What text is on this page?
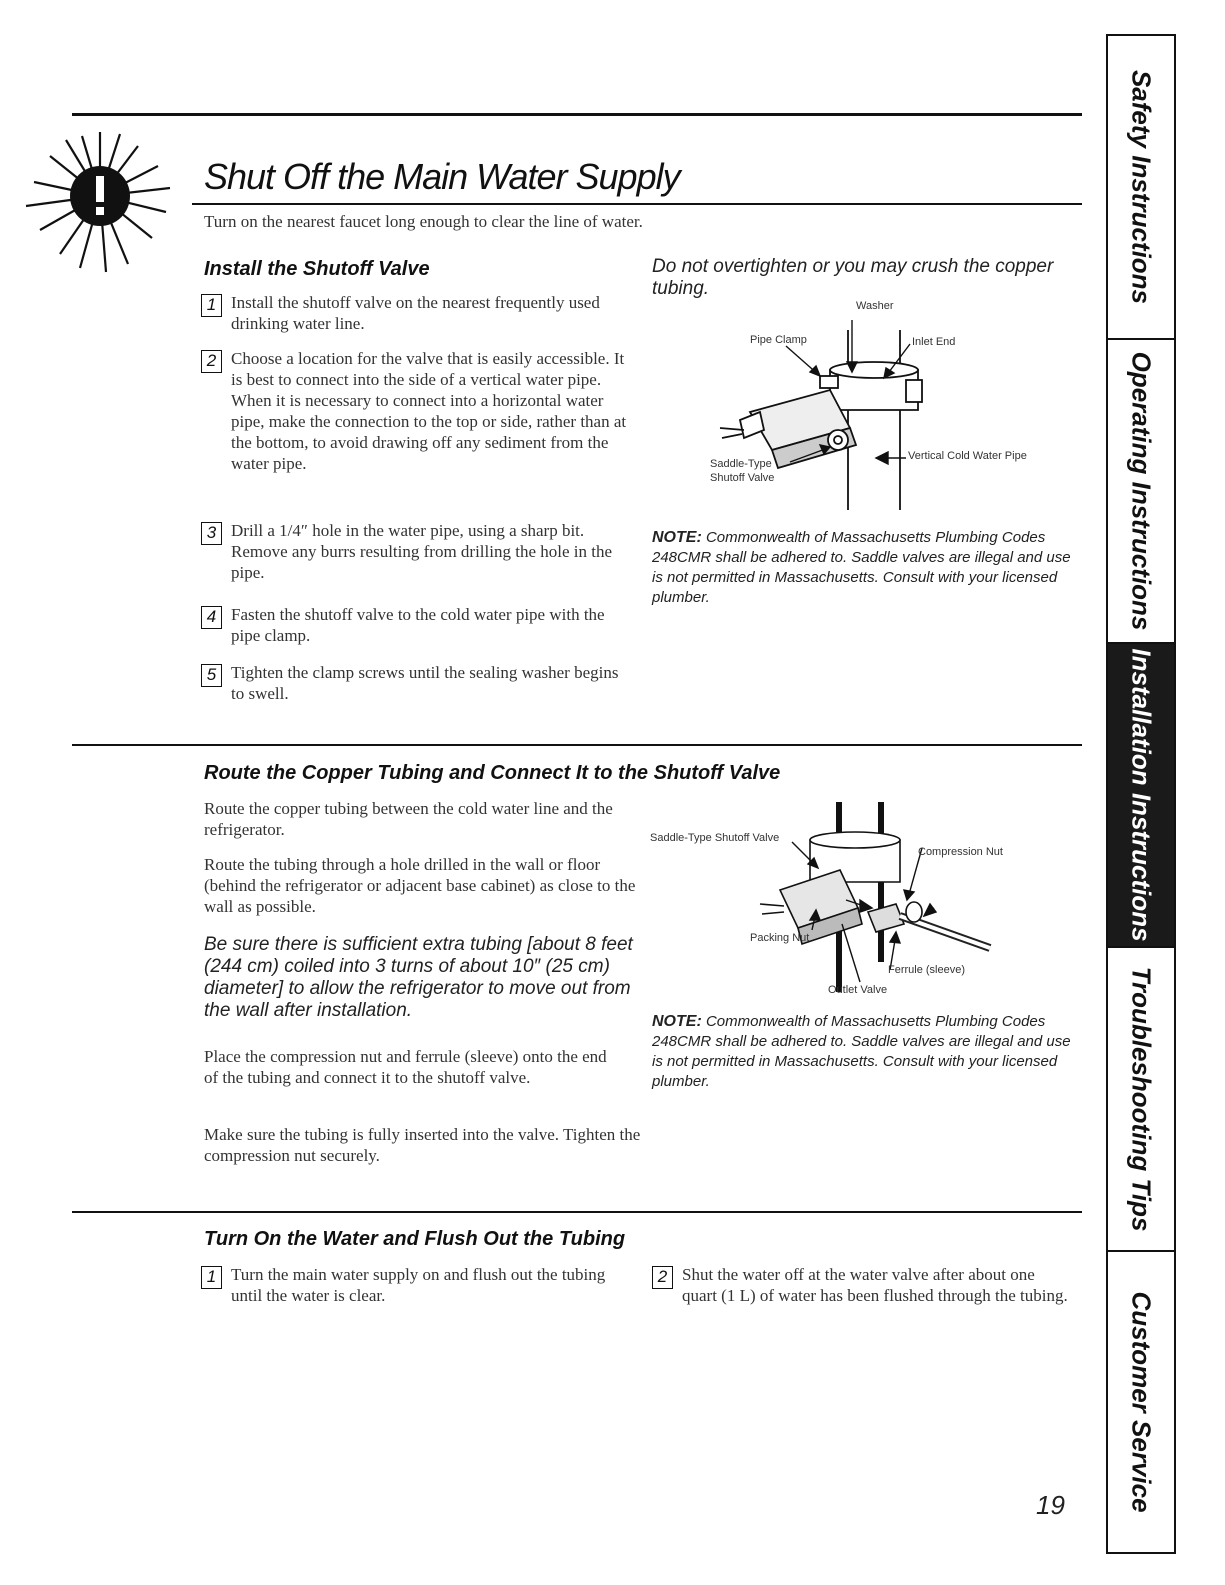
Shut Off the Main Water Supply
Turn on the nearest faucet long enough to clear the line of water.
Install the Shutoff Valve
1 Install the shutoff valve on the nearest frequently used drinking water line.
2 Choose a location for the valve that is easily accessible. It is best to connect into the side of a vertical water pipe. When it is necessary to connect into a horizontal water pipe, make the connection to the top or side, rather than at the bottom, to avoid drawing off any sediment from the water pipe.
3 Drill a 1/4″ hole in the water pipe, using a sharp bit. Remove any burrs resulting from drilling the hole in the pipe.
4 Fasten the shutoff valve to the cold water pipe with the pipe clamp.
5 Tighten the clamp screws until the sealing washer begins to swell.

Do not overtighten or you may crush the copper tubing.

Washer
Pipe Clamp	Inlet End
Saddle-Type
Shutoff Valve
Vertical Cold Water Pipe

NOTE: Commonwealth of Massachusetts Plumbing Codes 248CMR shall be adhered to. Saddle valves are illegal and use is not permitted in Massachusetts. Consult with your licensed plumber.

Route the Copper Tubing and Connect It to the Shutoff Valve

Route the copper tubing between the cold water line and the refrigerator.

Route the tubing through a hole drilled in the wall or floor (behind the refrigerator or adjacent base cabinet) as close to the wall as possible.

Be sure there is sufficient extra tubing [about 8 feet (244 cm) coiled into 3 turns of about 10″ (25 cm) diameter] to allow the refrigerator to move out from the wall after installation.

Place the compression nut and ferrule (sleeve) onto the end of the tubing and connect it to the shutoff valve.

Make sure the tubing is fully inserted into the valve. Tighten the compression nut securely.

Saddle-Type Shutoff Valve
Compression Nut
Packing Nut
Ferrule (sleeve)
Outlet Valve

NOTE: Commonwealth of Massachusetts Plumbing Codes 248CMR shall be adhered to. Saddle valves are illegal and use is not permitted in Massachusetts. Consult with your licensed plumber.

Turn On the Water and Flush Out the Tubing
1 Turn the main water supply on and flush out the tubing until the water is clear.
2 Shut the water off at the water valve after about one quart (1 L) of water has been flushed through the tubing.
19
Safety Instructions
Operating Instructions
Installation Instructions
Troubleshooting Tips
Customer Service
